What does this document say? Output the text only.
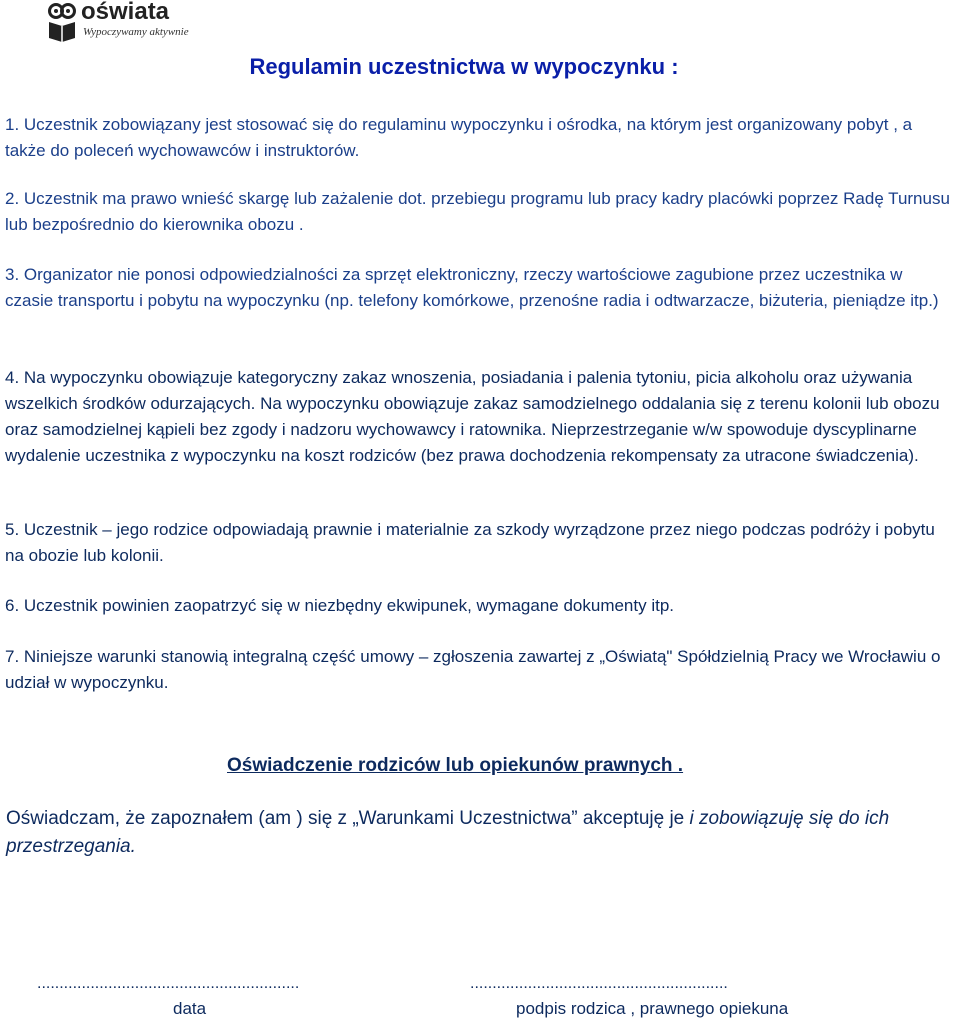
oświata
Wypoczywamy aktywnie
Regulamin uczestnictwa w wypoczynku :

1. Uczestnik zobowiązany jest stosować się do regulaminu wypoczynku i ośrodka, na którym jest organizowany pobyt , a także do poleceń wychowawców i instruktorów.

2. Uczestnik ma prawo wnieść skargę lub zażalenie dot. przebiegu programu lub pracy kadry placówki poprzez Radę Turnusu lub bezpośrednio do kierownika obozu .

3. Organizator nie ponosi odpowiedzialności za sprzęt elektroniczny, rzeczy wartościowe zagubione przez uczestnika w czasie transportu i pobytu na wypoczynku (np. telefony komórkowe, przenośne radia i odtwarzacze, biżuteria, pieniądze itp.)

4. Na wypoczynku obowiązuje kategoryczny zakaz wnoszenia, posiadania i palenia tytoniu, picia alkoholu oraz używania wszelkich środków odurzających. Na wypoczynku obowiązuje zakaz samodzielnego oddalania się z terenu kolonii lub obozu oraz samodzielnej kąpieli bez zgody i nadzoru wychowawcy i ratownika. Nieprzestrzeganie w/w spowoduje dyscyplinarne wydalenie uczestnika z wypoczynku na koszt rodziców (bez prawa dochodzenia rekompensaty za utracone świadczenia).

5. Uczestnik – jego rodzice odpowiadają prawnie i materialnie za szkody wyrządzone przez niego podczas podróży i pobytu na obozie lub kolonii.

6. Uczestnik powinien zaopatrzyć się w niezbędny ekwipunek, wymagane dokumenty itp.

7. Niniejsze warunki stanowią integralną część umowy – zgłoszenia zawartej z „Oświatą" Spółdzielnią Pracy we Wrocławiu o udział w wypoczynku.

Oświadczenie rodziców lub opiekunów prawnych .

Oświadczam, że zapoznałem (am ) się z „Warunkami Uczestnictwa” akceptuję je i zobowiązuję się do ich przestrzegania.

...........................................................	..........................................................
data	podpis rodzica , prawnego opiekuna
